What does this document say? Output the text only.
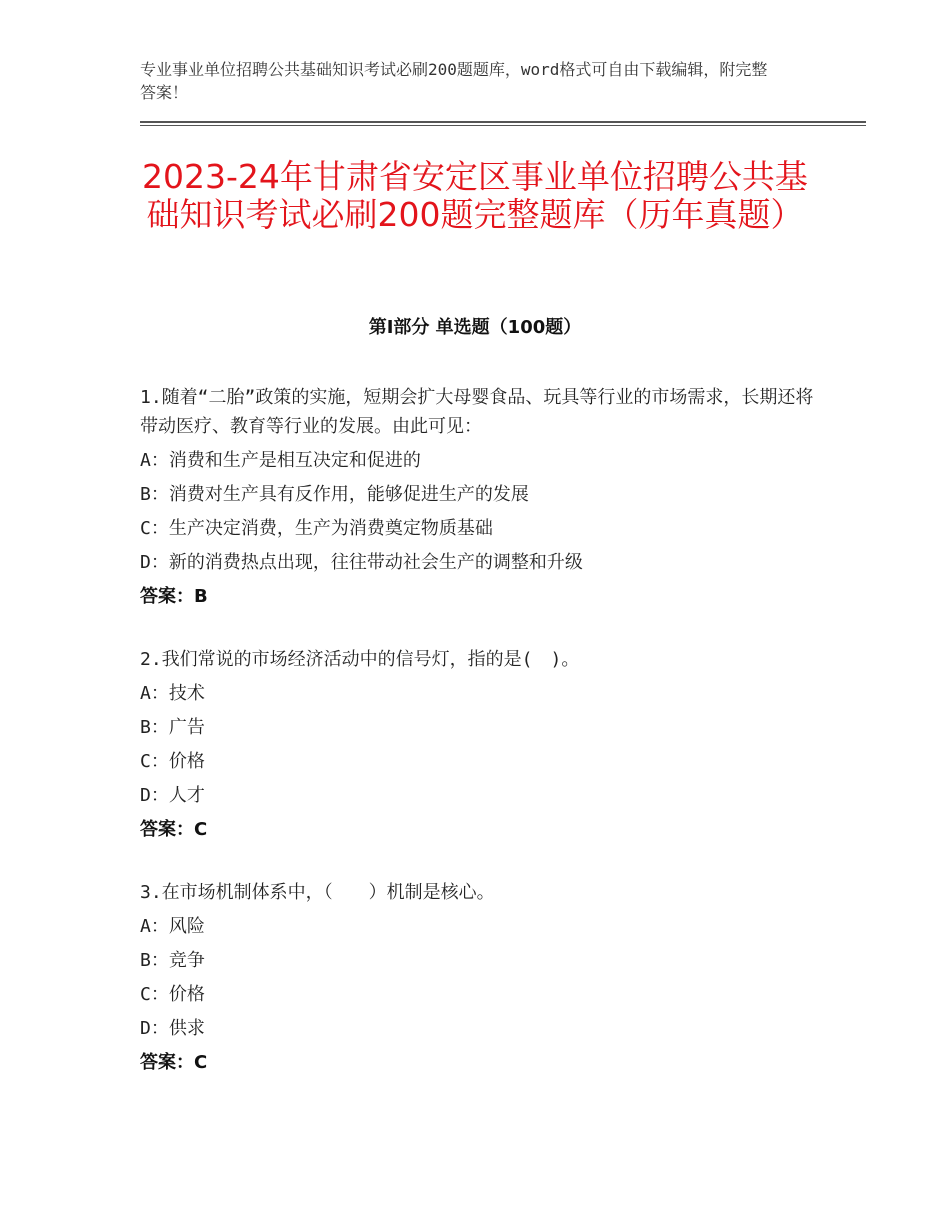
专业事业单位招聘公共基础知识考试必刷200题题库，word格式可自由下载编辑，附完整答案！
2023-24年甘肃省安定区事业单位招聘公共基础知识考试必刷200题完整题库（历年真题）
第Ⅰ部分 单选题（100题）

1.随着“二胎”政策的实施，短期会扩大母婴食品、玩具等行业的市场需求，长期还将带动医疗、教育等行业的发展。由此可见：

A：消费和生产是相互决定和促进的

B：消费对生产具有反作用，能够促进生产的发展

C：生产决定消费，生产为消费奠定物质基础

D：新的消费热点出现，往往带动社会生产的调整和升级

答案：B

2.我们常说的市场经济活动中的信号灯，指的是(　)。

A：技术

B：广告

C：价格

D：人才

答案：C

3.在市场机制体系中，（　　）机制是核心。

A：风险

B：竞争

C：价格

D：供求

答案：C
